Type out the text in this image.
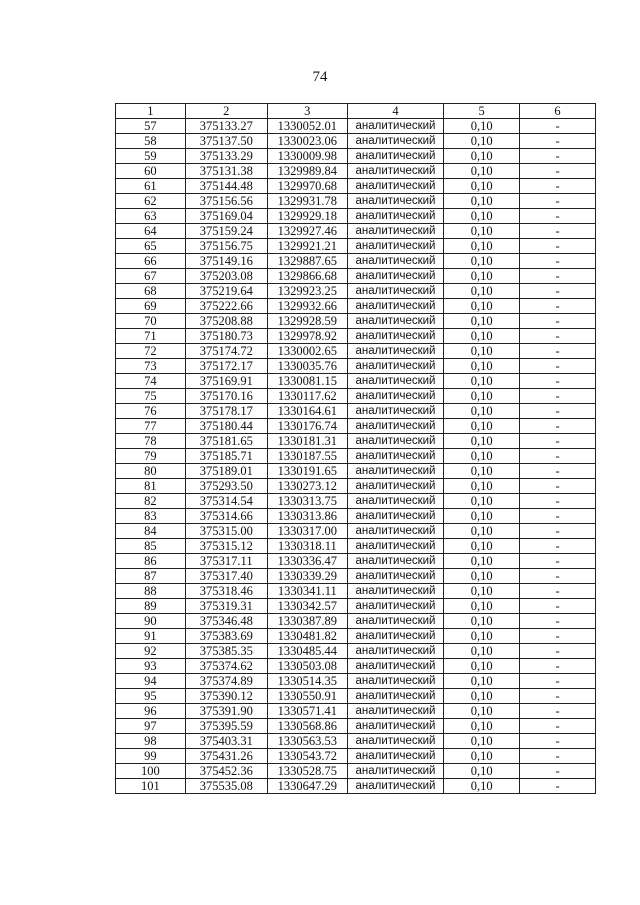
74
1	2	3	4	5	6
57	375133.27	1330052.01	аналитический	0,10	-
58	375137.50	1330023.06	аналитический	0,10	-
59	375133.29	1330009.98	аналитический	0,10	-
60	375131.38	1329989.84	аналитический	0,10	-
61	375144.48	1329970.68	аналитический	0,10	-
62	375156.56	1329931.78	аналитический	0,10	-
63	375169.04	1329929.18	аналитический	0,10	-
64	375159.24	1329927.46	аналитический	0,10	-
65	375156.75	1329921.21	аналитический	0,10	-
66	375149.16	1329887.65	аналитический	0,10	-
67	375203.08	1329866.68	аналитический	0,10	-
68	375219.64	1329923.25	аналитический	0,10	-
69	375222.66	1329932.66	аналитический	0,10	-
70	375208.88	1329928.59	аналитический	0,10	-
71	375180.73	1329978.92	аналитический	0,10	-
72	375174.72	1330002.65	аналитический	0,10	-
73	375172.17	1330035.76	аналитический	0,10	-
74	375169.91	1330081.15	аналитический	0,10	-
75	375170.16	1330117.62	аналитический	0,10	-
76	375178.17	1330164.61	аналитический	0,10	-
77	375180.44	1330176.74	аналитический	0,10	-
78	375181.65	1330181.31	аналитический	0,10	-
79	375185.71	1330187.55	аналитический	0,10	-
80	375189.01	1330191.65	аналитический	0,10	-
81	375293.50	1330273.12	аналитический	0,10	-
82	375314.54	1330313.75	аналитический	0,10	-
83	375314.66	1330313.86	аналитический	0,10	-
84	375315.00	1330317.00	аналитический	0,10	-
85	375315.12	1330318.11	аналитический	0,10	-
86	375317.11	1330336.47	аналитический	0,10	-
87	375317.40	1330339.29	аналитический	0,10	-
88	375318.46	1330341.11	аналитический	0,10	-
89	375319.31	1330342.57	аналитический	0,10	-
90	375346.48	1330387.89	аналитический	0,10	-
91	375383.69	1330481.82	аналитический	0,10	-
92	375385.35	1330485.44	аналитический	0,10	-
93	375374.62	1330503.08	аналитический	0,10	-
94	375374.89	1330514.35	аналитический	0,10	-
95	375390.12	1330550.91	аналитический	0,10	-
96	375391.90	1330571.41	аналитический	0,10	-
97	375395.59	1330568.86	аналитический	0,10	-
98	375403.31	1330563.53	аналитический	0,10	-
99	375431.26	1330543.72	аналитический	0,10	-
100	375452.36	1330528.75	аналитический	0,10	-
101	375535.08	1330647.29	аналитический	0,10	-
